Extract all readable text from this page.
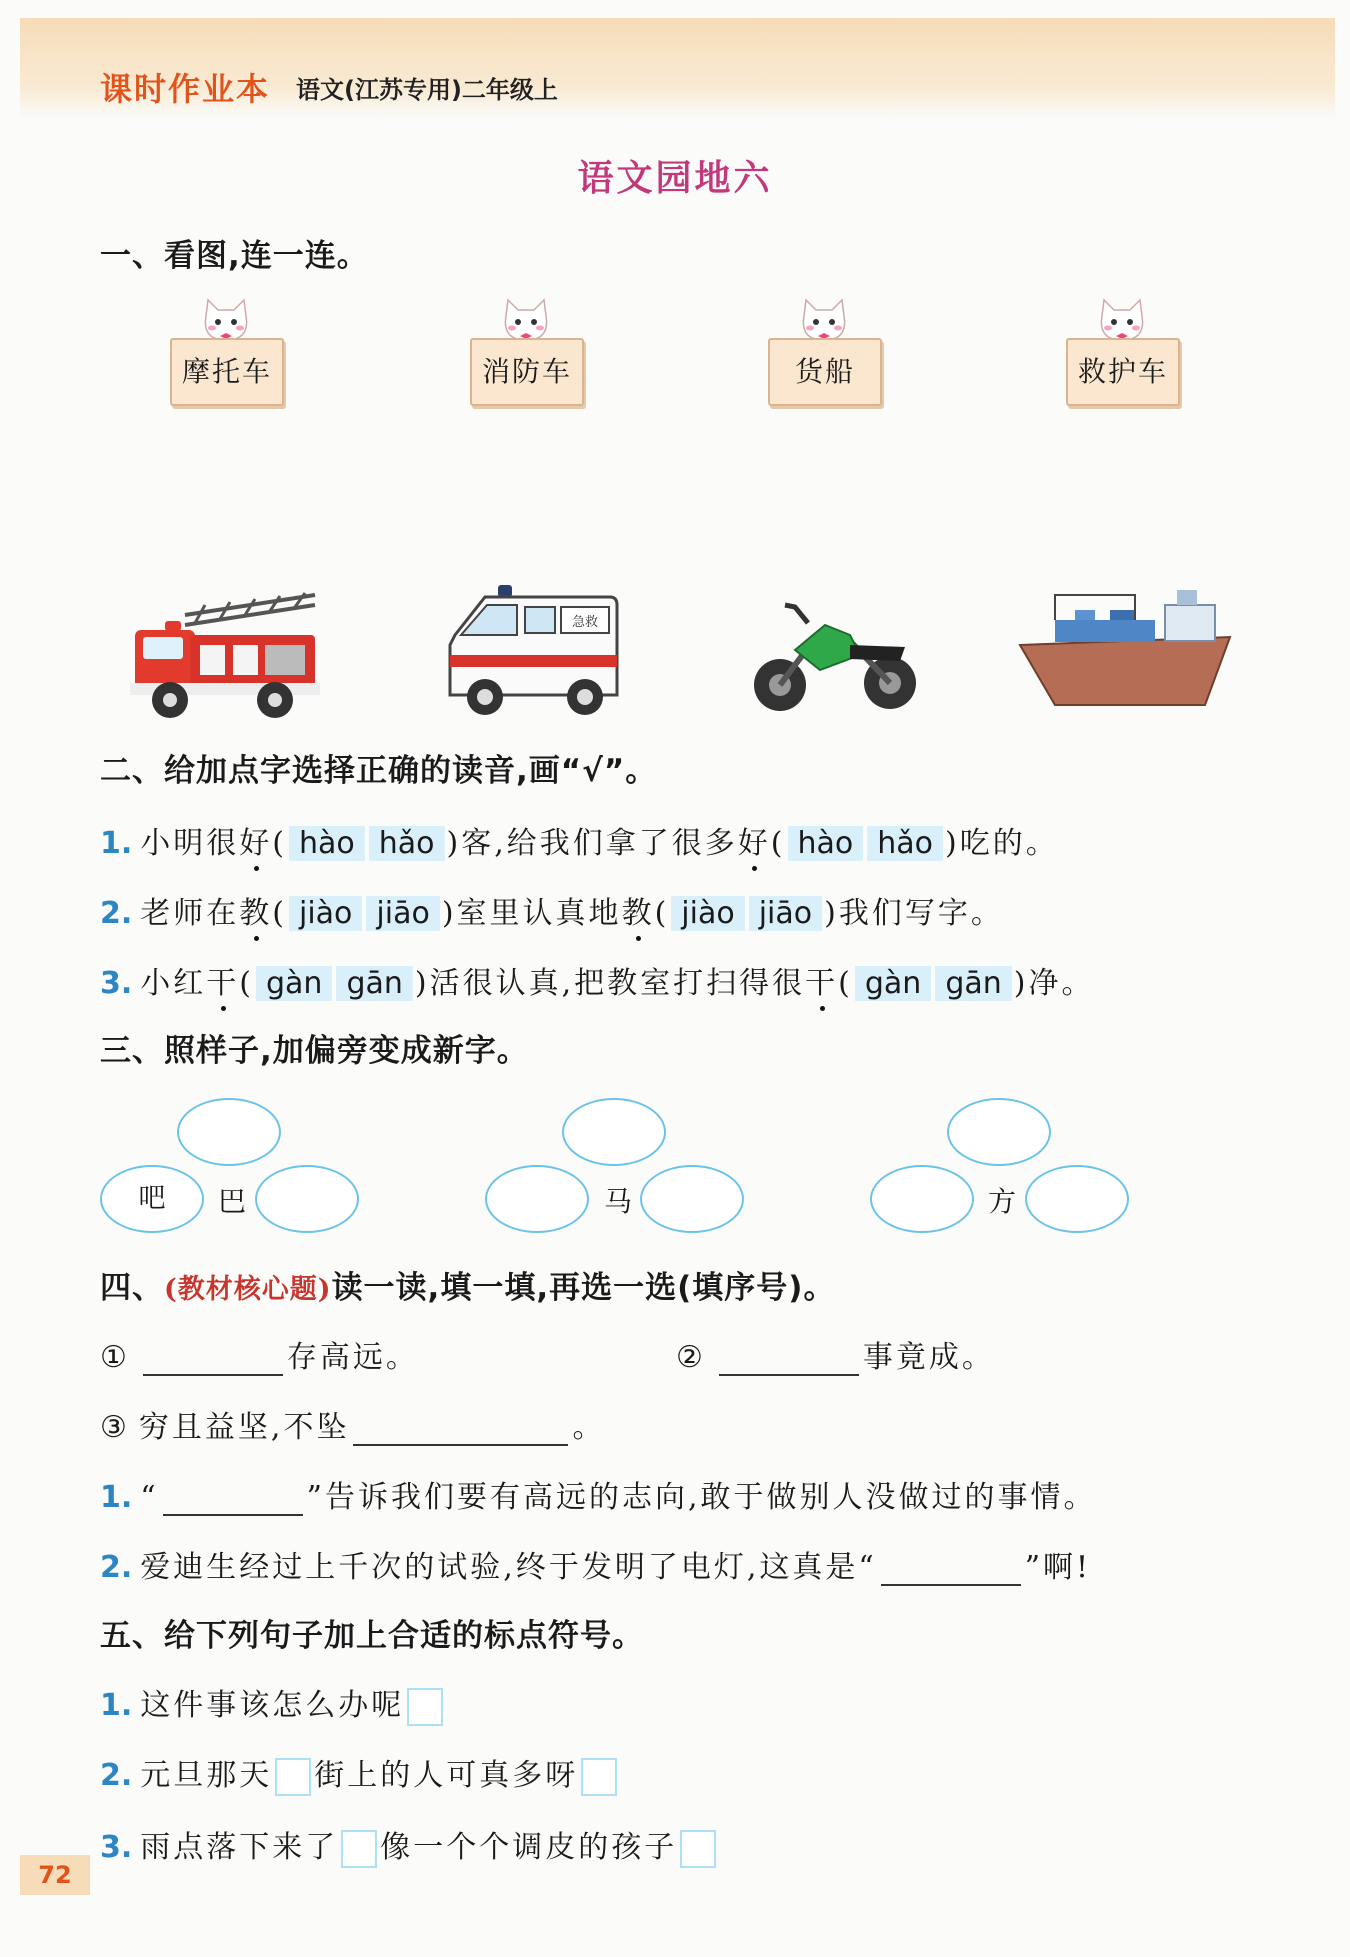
课时作业本 语文(江苏专用)二年级上
语文园地六
一、看图,连一连。
摩托车	消防车	货船	救护车
急救
二、给加点字选择正确的读音,画“√”。
1. 小明很好( hào hǎo )客,给我们拿了很多好( hào hǎo )吃的。
2. 老师在教( jiào jiāo )室里认真地教( jiào jiāo )我们写字。
3. 小红干( gàn gān )活很认真,把教室打扫得很干( gàn gān )净。
三、照样子,加偏旁变成新字。
吧	巴	马	方
四、(教材核心题)读一读,填一填,再选一选(填序号)。
①	存高远。	②	事竟成。
③ 穷且益坚,不坠	。
1. “	”告诉我们要有高远的志向,敢于做别人没做过的事情。
2. 爱迪生经过上千次的试验,终于发明了电灯,这真是“	”啊!
五、给下列句子加上合适的标点符号。
1. 这件事该怎么办呢
2. 元旦那天 街上的人可真多呀
3. 雨点落下来了 像一个个调皮的孩子
72
